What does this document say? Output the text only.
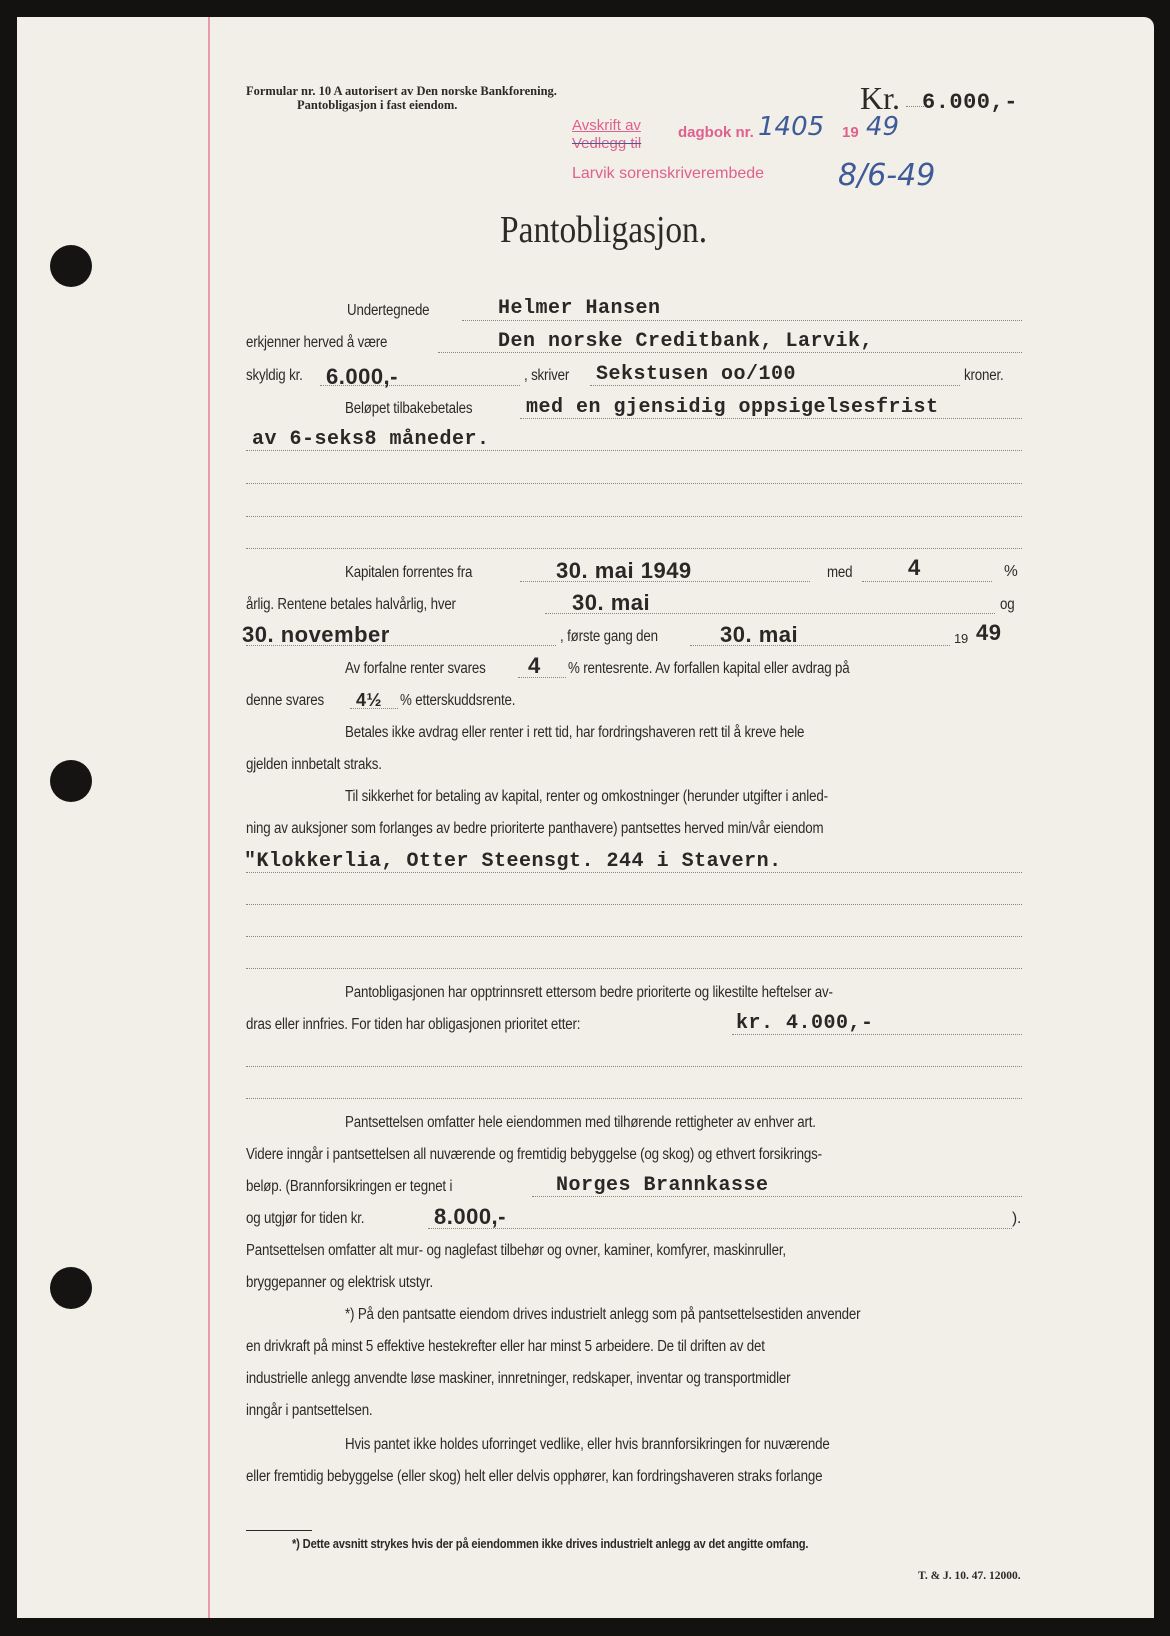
Formular nr. 10 A autorisert av Den norske Bankforening.
Pantobligasjon i fast eiendom.	Kr. 6.000,-
Avskrift av
Vedlegg til
dagbok nr. 1405 19 49
Larvik sorenskriverembede 8/6-49
Pantobligasjon.
Undertegnede	Helmer Hansen
erkjenner herved å være	Den norske Creditbank, Larvik,
skyldig kr. 6.000,-	, skriver Sekstusen oo/100	kroner.
Beløpet tilbakebetales	med en gjensidig oppsigelsesfrist
av 6-seks8 måneder.
Kapitalen forrentes fra	30. mai 1949	med	4	%
årlig. Rentene betales halvårlig, hver	30. mai	og
30. november	, første gang den	30. mai	19 49
Av forfalne renter svares 4 % rentesrente. Av forfallen kapital eller avdrag på
denne svares 4½ % etterskuddsrente.
Betales ikke avdrag eller renter i rett tid, har fordringshaveren rett til å kreve hele
gjelden innbetalt straks.
Til sikkerhet for betaling av kapital, renter og omkostninger (herunder utgifter i anled-
ning av auksjoner som forlanges av bedre prioriterte panthavere) pantsettes herved min/vår eiendom
"Klokkerlia, Otter Steensgt. 244 i Stavern.
Pantobligasjonen har opptrinnsrett ettersom bedre prioriterte og likestilte heftelser av-
dras eller innfries. For tiden har obligasjonen prioritet etter:	kr. 4.000,-
Pantsettelsen omfatter hele eiendommen med tilhørende rettigheter av enhver art.
Videre inngår i pantsettelsen all nuværende og fremtidig bebyggelse (og skog) og ethvert forsikrings-
beløp. (Brannforsikringen er tegnet i	Norges Brannkasse
og utgjør for tiden kr.	8.000,-	).
Pantsettelsen omfatter alt mur- og naglefast tilbehør og ovner, kaminer, komfyrer, maskinruller,
bryggepanner og elektrisk utstyr.
*) På den pantsatte eiendom drives industrielt anlegg som på pantsettelsestiden anvender
en drivkraft på minst 5 effektive hestekrefter eller har minst 5 arbeidere. De til driften av det
industrielle anlegg anvendte løse maskiner, innretninger, redskaper, inventar og transportmidler
inngår i pantsettelsen.
Hvis pantet ikke holdes uforringet vedlike, eller hvis brannforsikringen for nuværende
eller fremtidig bebyggelse (eller skog) helt eller delvis opphører, kan fordringshaveren straks forlange
*) Dette avsnitt strykes hvis der på eiendommen ikke drives industrielt anlegg av det angitte omfang.
T. & J. 10. 47. 12000.
